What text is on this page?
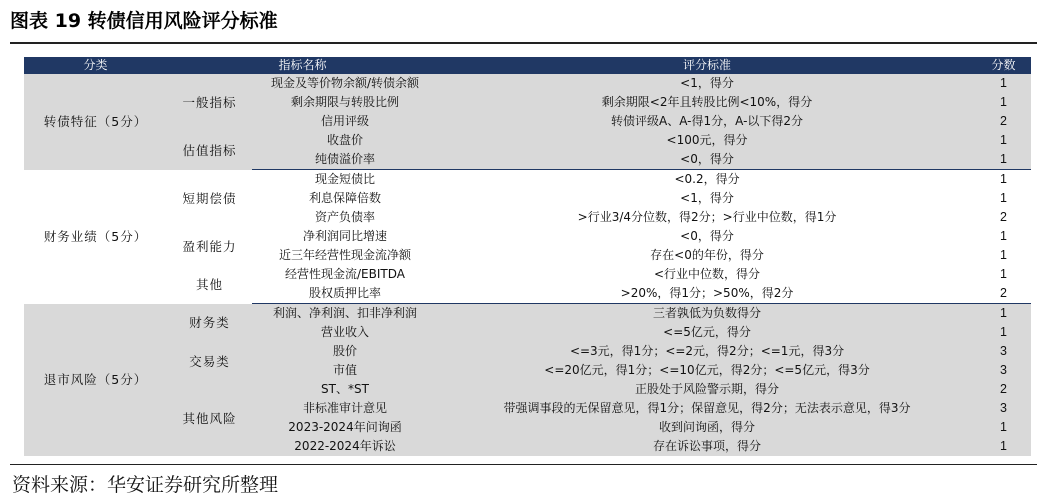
图表 19 转债信用风险评分标准
分类	指标名称		评分标准	分数
转债特征（5分）	一般指标	现金及等价物余额/转债余额	<1，得分	1
		剩余期限与转股比例	剩余期限<2年且转股比例<10%，得分	1
		信用评级	转债评级A、A-得1分，A-以下得2分	2
	估值指标	收盘价	<100元，得分	1
		纯债溢价率	<0，得分	1
财务业绩（5分）	短期偿债	现金短债比	<0.2，得分	1
		利息保障倍数	<1，得分	1
		资产负债率	>行业3/4分位数，得2分；>行业中位数，得1分	2
	盈利能力	净利润同比增速	<0，得分	1
		近三年经营性现金流净额	存在<0的年份，得分	1
	其他	经营性现金流/EBITDA	<行业中位数，得分	1
		股权质押比率	>20%，得1分；>50%，得2分	2
退市风险（5分）	财务类	利润、净利润、扣非净利润	三者孰低为负数得分	1
		营业收入	<=5亿元，得分	1
	交易类	股价	<=3元，得1分；<=2元，得2分；<=1元，得3分	3
		市值	<=20亿元，得1分；<=10亿元，得2分；<=5亿元，得3分	3
	其他风险	ST、*ST	正股处于风险警示期，得分	2
		非标准审计意见	带强调事段的无保留意见，得1分；保留意见，得2分；无法表示意见，得3分	3
		2023-2024年问询函	收到问询函，得分	1
		2022-2024年诉讼	存在诉讼事项，得分	1
资料来源：华安证券研究所整理
